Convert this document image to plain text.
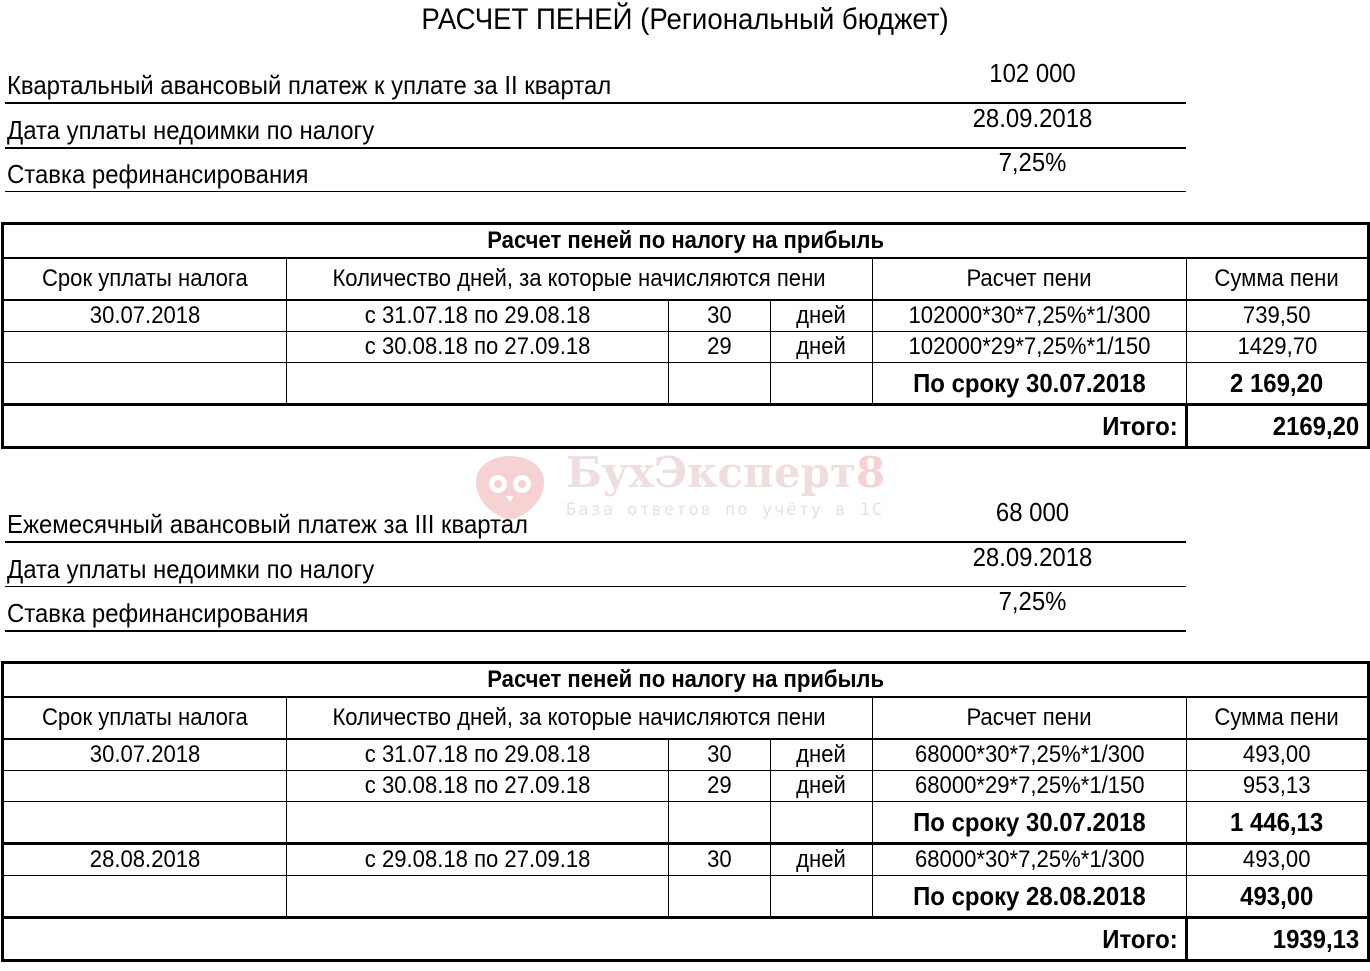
РАСЧЕТ ПЕНЕЙ (Региональный бюджет)
Квартальный авансовый платеж к уплате за II квартал	102 000
Дата уплаты недоимки по налогу	28.09.2018
Ставка рефинансирования	7,25%
Расчет пеней по налогу на прибыль					
Срок уплаты налога	Количество дней, за которые начисляются пени			Расчет пени	Сумма пени
30.07.2018	с 31.07.18 по 29.08.18	30	дней	102000*30*7,25%*1/300	739,50
	с 30.08.18 по 27.09.18	29	дней	102000*29*7,25%*1/150	1429,70
				По сроку 30.07.2018	2 169,20
Итого:					2169,20
БухЭксперт8
База ответов по учёту в 1С
Ежемесячный авансовый платеж за III квартал	68 000
Дата уплаты недоимки по налогу	28.09.2018
Ставка рефинансирования	7,25%
Расчет пеней по налогу на прибыль					
Срок уплаты налога	Количество дней, за которые начисляются пени			Расчет пени	Сумма пени
30.07.2018	с 31.07.18 по 29.08.18	30	дней	68000*30*7,25%*1/300	493,00
	с 30.08.18 по 27.09.18	29	дней	68000*29*7,25%*1/150	953,13
				По сроку 30.07.2018	1 446,13
28.08.2018	с 29.08.18 по 27.09.18	30	дней	68000*30*7,25%*1/300	493,00
				По сроку 28.08.2018	493,00
Итого:					1939,13
